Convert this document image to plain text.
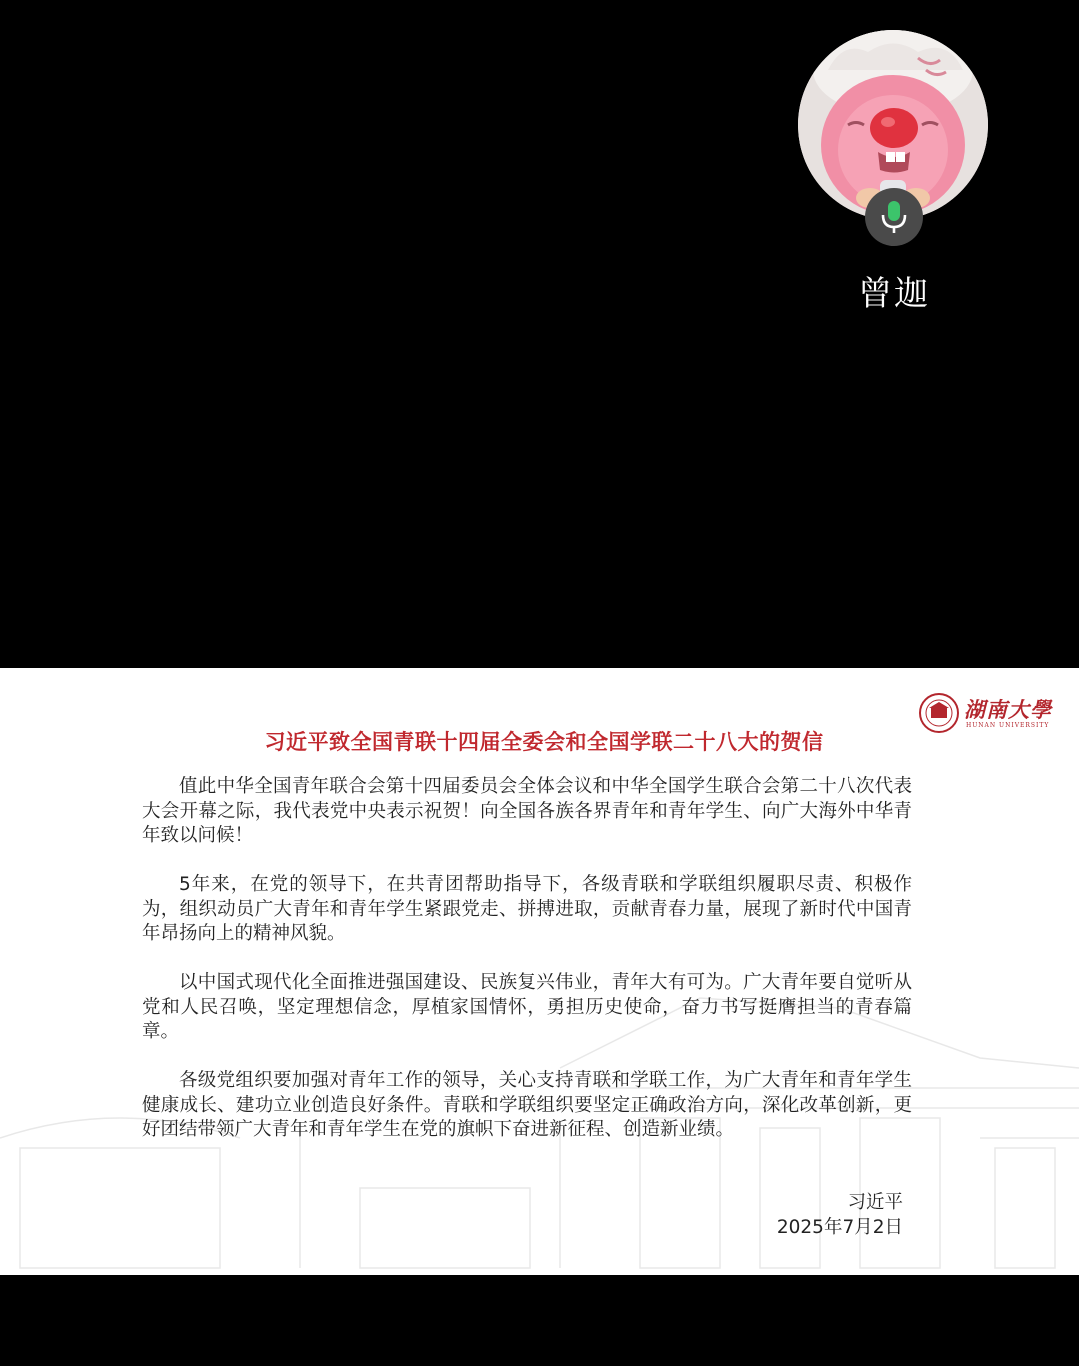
曾迦
湖南大學
HUNAN UNIVERSITY
习近平致全国青联十四届全委会和全国学联二十八大的贺信

值此中华全国青年联合会第十四届委员会全体会议和中华全国学生联合会第二十八次代表大会开幕之际，我代表党中央表示祝贺！向全国各族各界青年和青年学生、向广大海外中华青年致以问候！

5年来，在党的领导下，在共青团帮助指导下，各级青联和学联组织履职尽责、积极作为，组织动员广大青年和青年学生紧跟党走、拼搏进取，贡献青春力量，展现了新时代中国青年昂扬向上的精神风貌。

以中国式现代化全面推进强国建设、民族复兴伟业，青年大有可为。广大青年要自觉听从党和人民召唤，坚定理想信念，厚植家国情怀，勇担历史使命，奋力书写挺膺担当的青春篇章。

各级党组织要加强对青年工作的领导，关心支持青联和学联工作，为广大青年和青年学生健康成长、建功立业创造良好条件。青联和学联组织要坚定正确政治方向，深化改革创新，更好团结带领广大青年和青年学生在党的旗帜下奋进新征程、创造新业绩。

习近平
2025年7月2日
